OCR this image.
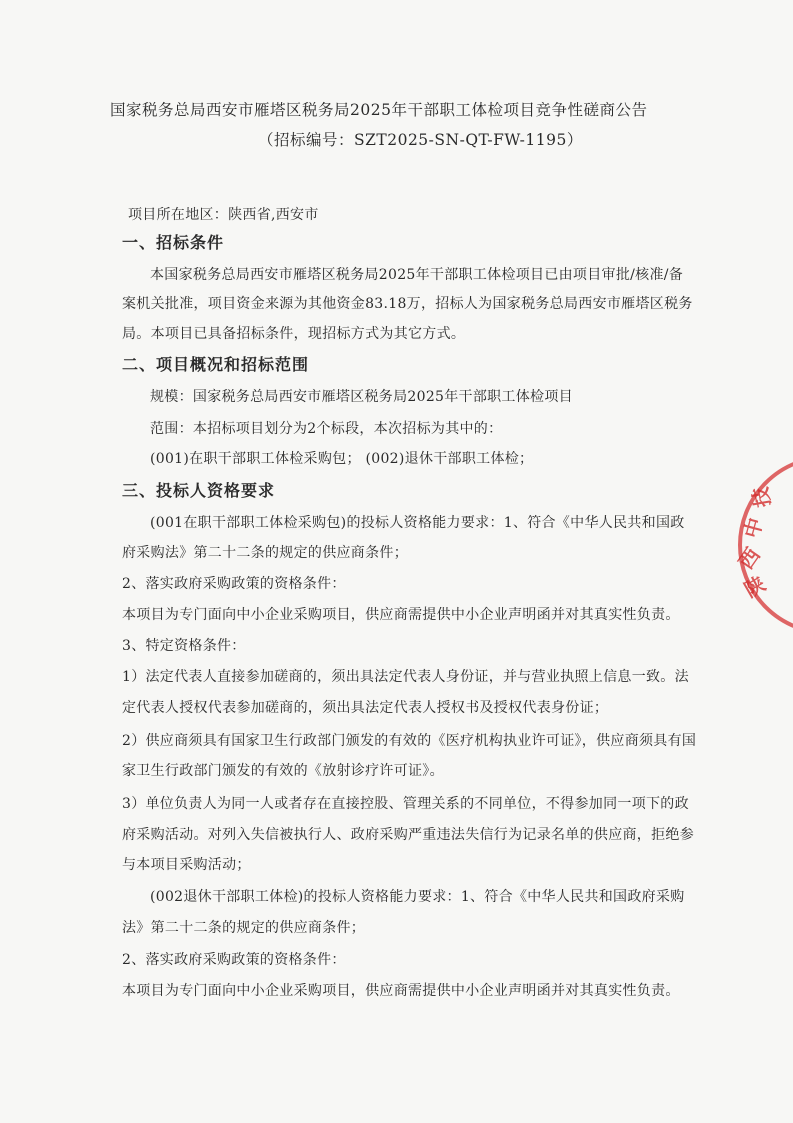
国家税务总局西安市雁塔区税务局2025年干部职工体检项目竞争性磋商公告

（招标编号：SZT2025-SN-QT-FW-1195）

项目所在地区：陕西省,西安市

一、招标条件

本国家税务总局西安市雁塔区税务局2025年干部职工体检项目已由项目审批/核准/备

案机关批准，项目资金来源为其他资金83.18万，招标人为国家税务总局西安市雁塔区税务

局。本项目已具备招标条件，现招标方式为其它方式。

二、项目概况和招标范围

规模：国家税务总局西安市雁塔区税务局2025年干部职工体检项目

范围：本招标项目划分为2个标段，本次招标为其中的：

(001)在职干部职工体检采购包； (002)退休干部职工体检；

三、投标人资格要求

(001在职干部职工体检采购包)的投标人资格能力要求：1、符合《中华人民共和国政

府采购法》第二十二条的规定的供应商条件；

2、落实政府采购政策的资格条件：

本项目为专门面向中小企业采购项目，供应商需提供中小企业声明函并对其真实性负责。

3、特定资格条件：

1）法定代表人直接参加磋商的，须出具法定代表人身份证，并与营业执照上信息一致。法

定代表人授权代表参加磋商的，须出具法定代表人授权书及授权代表身份证；

2）供应商须具有国家卫生行政部门颁发的有效的《医疗机构执业许可证》，供应商须具有国

家卫生行政部门颁发的有效的《放射诊疗许可证》。

3）单位负责人为同一人或者存在直接控股、管理关系的不同单位，不得参加同一项下的政

府采购活动。对列入失信被执行人、政府采购严重违法失信行为记录名单的供应商，拒绝参

与本项目采购活动；

(002退休干部职工体检)的投标人资格能力要求：1、符合《中华人民共和国政府采购

法》第二十二条的规定的供应商条件；

2、落实政府采购政策的资格条件：

本项目为专门面向中小企业采购项目，供应商需提供中小企业声明函并对其真实性负责。

陕
西
中
技
